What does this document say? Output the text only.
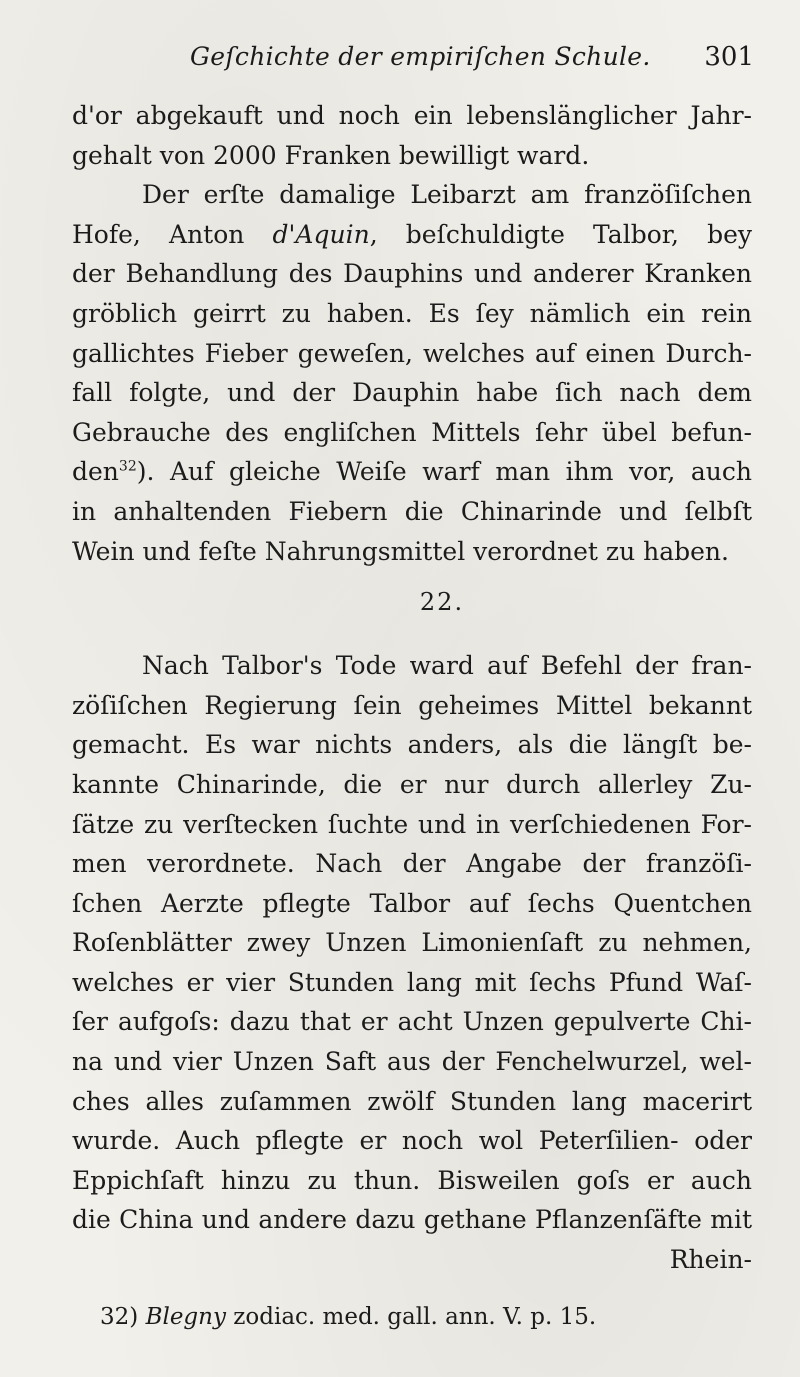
Geſchichte der empiriſchen Schule. 301
d'or abgekauft und noch ein lebenslänglicher Jahr-
gehalt von 2000 Franken bewilligt ward.
Der erſte damalige Leibarzt am franzöſiſchen
Hofe, Anton d'Aquin, beſchuldigte Talbor, bey
der Behandlung des Dauphins und anderer Kranken
gröblich geirrt zu haben. Es ſey nämlich ein rein
gallichtes Fieber geweſen, welches auf einen Durch-
fall folgte, und der Dauphin habe ſich nach dem
Gebrauche des engliſchen Mittels ſehr übel befun-
den$^{32}$). Auf gleiche Weiſe warf man ihm vor, auch
in anhaltenden Fiebern die Chinarinde und ſelbſt
Wein und feſte Nahrungsmittel verordnet zu haben.
22.
Nach Talbor's Tode ward auf Befehl der fran-
zöſiſchen Regierung ſein geheimes Mittel bekannt
gemacht. Es war nichts anders, als die längſt be-
kannte Chinarinde, die er nur durch allerley Zu-
ſätze zu verſtecken ſuchte und in verſchiedenen For-
men verordnete. Nach der Angabe der franzöſi-
ſchen Aerzte pflegte Talbor auf ſechs Quentchen
Roſenblätter zwey Unzen Limonienſaft zu nehmen,
welches er vier Stunden lang mit ſechs Pfund Waſ-
ſer aufgoſs: dazu that er acht Unzen gepulverte Chi-
na und vier Unzen Saft aus der Fenchelwurzel, wel-
ches alles zuſammen zwölf Stunden lang macerirt
wurde. Auch pflegte er noch wol Peterſilien- oder
Eppichſaft hinzu zu thun. Bisweilen goſs er auch
die China und andere dazu gethane Pflanzenſäfte mit
Rhein-
32) Blegny zodiac. med. gall. ann. V. p. 15.
